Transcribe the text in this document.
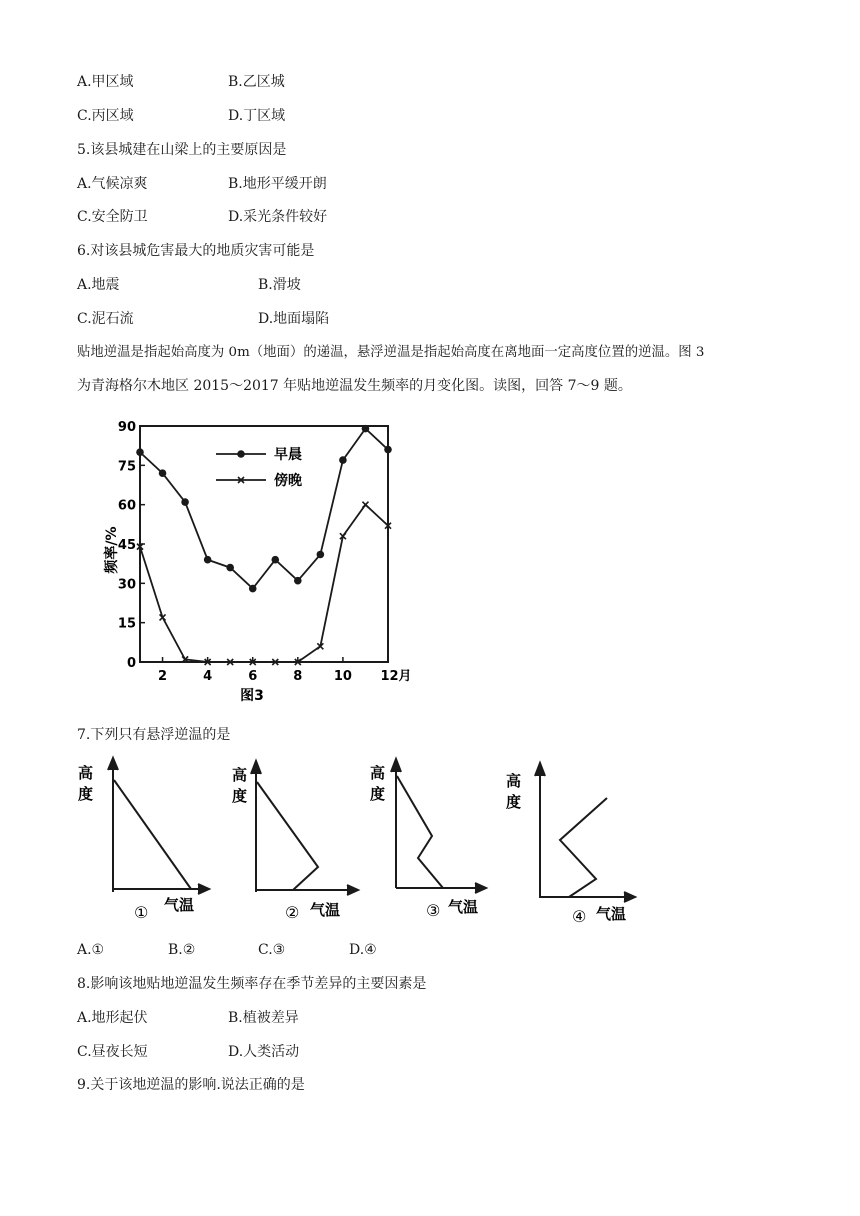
A.甲区域	B.乙区城
C.丙区域	D.丁区域
5.该县城建在山梁上的主要原因是
A.气候凉爽	B.地形平缓开朗
C.安全防卫	D.采光条件较好
6.对该县城危害最大的地质灾害可能是
A.地震	B.滑坡
C.泥石流	D.地面塌陷
贴地逆温是指起始高度为 0m（地面）的递温，悬浮逆温是指起始高度在离地面一定高度位置的逆温。图 3
为青海格尔木地区 2015～2017 年贴地逆温发生频率的月变化图。读图，回答 7～9 题。
0
15
30
45
60
75
90
2	4	6	8 10 12月
频率/%
图3
早晨
傍晚
7.下列只有悬浮逆温的是
高
度
① 气温
高
度
② 气温
高
度
③ 气温
高
度
④ 气温
A.①	B.②	C.③	D.④
8.影响该地贴地逆温发生频率存在季节差异的主要因素是
A.地形起伏	B.植被差异
C.昼夜长短	D.人类活动
9.关于该地逆温的影响.说法正确的是
